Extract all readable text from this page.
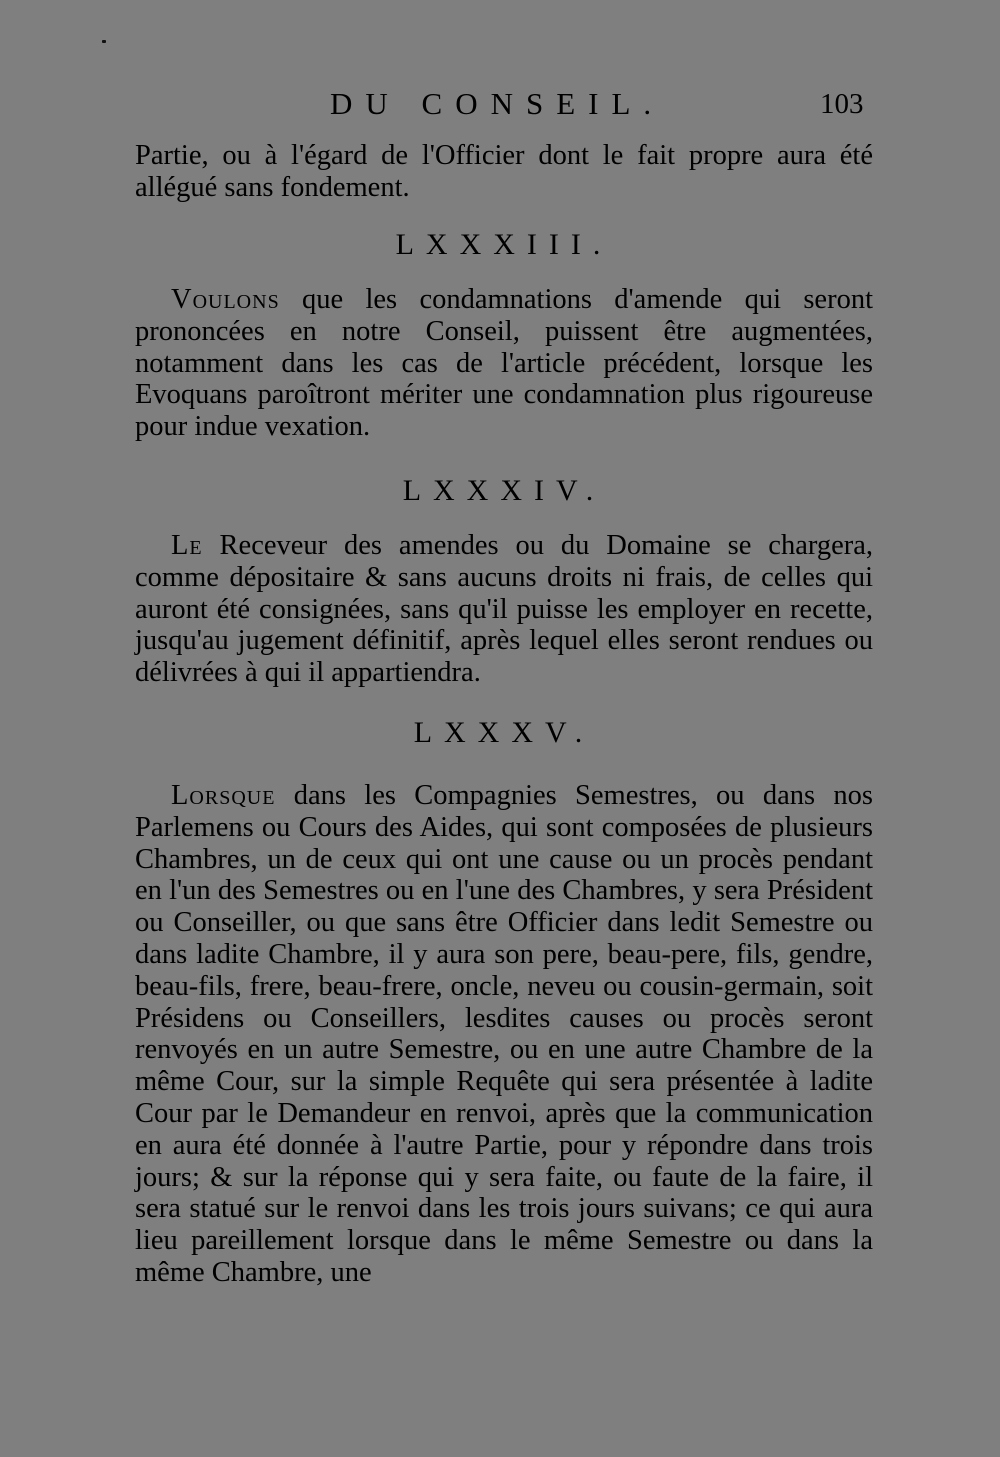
DU CONSEIL.	103
Partie, ou à l'égard de l'Officier dont le fait propre aura été allégué sans fondement.
LXXXIII.
Voulons que les condamnations d'amende qui seront prononcées en notre Conseil, puissent être augmentées, notamment dans les cas de l'article précédent, lorsque les Evoquans paroîtront mériter une condamnation plus rigoureuse pour indue vexation.
LXXXIV.
Le Receveur des amendes ou du Domaine se chargera, comme dépositaire & sans aucuns droits ni frais, de celles qui auront été consignées, sans qu'il puisse les employer en recette, jusqu'au jugement définitif, après lequel elles seront rendues ou délivrées à qui il appartiendra.
LXXXV.
Lorsque dans les Compagnies Semestres, ou dans nos Parlemens ou Cours des Aides, qui sont composées de plusieurs Chambres, un de ceux qui ont une cause ou un procès pendant en l'un des Semestres ou en l'une des Chambres, y sera Président ou Conseiller, ou que sans être Officier dans ledit Semestre ou dans ladite Chambre, il y aura son pere, beau-pere, fils, gendre, beau-fils, frere, beau-frere, oncle, neveu ou cousin-germain, soit Présidens ou Conseillers, lesdites causes ou procès seront renvoyés en un autre Semestre, ou en une autre Chambre de la même Cour, sur la simple Requête qui sera présentée à ladite Cour par le Demandeur en renvoi, après que la communication en aura été donnée à l'autre Partie, pour y répondre dans trois jours; & sur la réponse qui y sera faite, ou faute de la faire, il sera statué sur le renvoi dans les trois jours suivans; ce qui aura lieu pareillement lorsque dans le même Semestre ou dans la même Chambre, une
